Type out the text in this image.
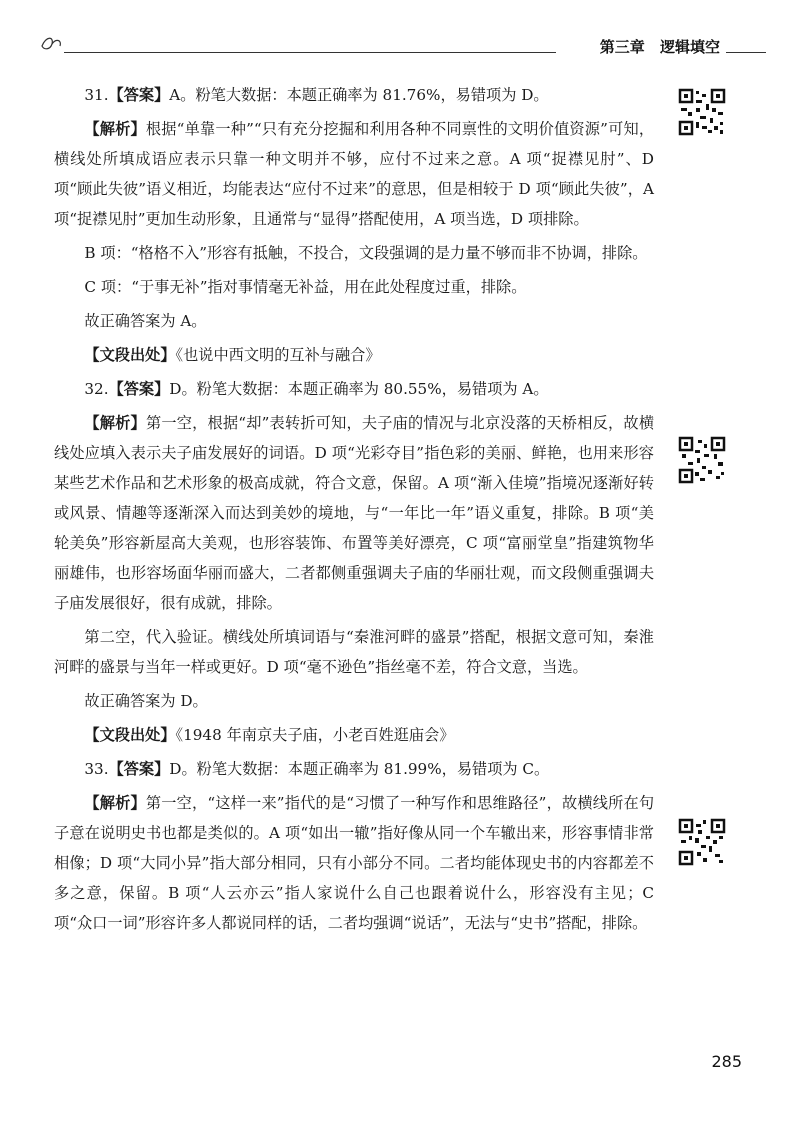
第三章 逻辑填空

31.【答案】A。粉笔大数据：本题正确率为 81.76%，易错项为 D。

【解析】根据“单靠一种”“只有充分挖掘和利用各种不同禀性的文明价值资源”可知，横线处所填成语应表示只靠一种文明并不够，应付不过来之意。A 项“捉襟见肘”、D 项“顾此失彼”语义相近，均能表达“应付不过来”的意思，但是相较于 D 项“顾此失彼”，A 项“捉襟见肘”更加生动形象，且通常与“显得”搭配使用，A 项当选，D 项排除。

B 项：“格格不入”形容有抵触，不投合，文段强调的是力量不够而非不协调，排除。

C 项：“于事无补”指对事情毫无补益，用在此处程度过重，排除。

故正确答案为 A。

【文段出处】《也说中西文明的互补与融合》

32.【答案】D。粉笔大数据：本题正确率为 80.55%，易错项为 A。

【解析】第一空，根据“却”表转折可知，夫子庙的情况与北京没落的天桥相反，故横线处应填入表示夫子庙发展好的词语。D 项“光彩夺目”指色彩的美丽、鲜艳，也用来形容某些艺术作品和艺术形象的极高成就，符合文意，保留。A 项“渐入佳境”指境况逐渐好转或风景、情趣等逐渐深入而达到美妙的境地，与“一年比一年”语义重复，排除。B 项“美轮美奂”形容新屋高大美观，也形容装饰、布置等美好漂亮，C 项“富丽堂皇”指建筑物华丽雄伟，也形容场面华丽而盛大，二者都侧重强调夫子庙的华丽壮观，而文段侧重强调夫子庙发展很好，很有成就，排除。

第二空，代入验证。横线处所填词语与“秦淮河畔的盛景”搭配，根据文意可知，秦淮河畔的盛景与当年一样或更好。D 项“毫不逊色”指丝毫不差，符合文意，当选。

故正确答案为 D。

【文段出处】《1948 年南京夫子庙，小老百姓逛庙会》

33.【答案】D。粉笔大数据：本题正确率为 81.99%，易错项为 C。

【解析】第一空，“这样一来”指代的是“习惯了一种写作和思维路径”，故横线所在句子意在说明史书也都是类似的。A 项“如出一辙”指好像从同一个车辙出来，形容事情非常相像；D 项“大同小异”指大部分相同，只有小部分不同。二者均能体现史书的内容都差不多之意，保留。B 项“人云亦云”指人家说什么自己也跟着说什么，形容没有主见；C 项“众口一词”形容许多人都说同样的话，二者均强调“说话”，无法与“史书”搭配，排除。

285
